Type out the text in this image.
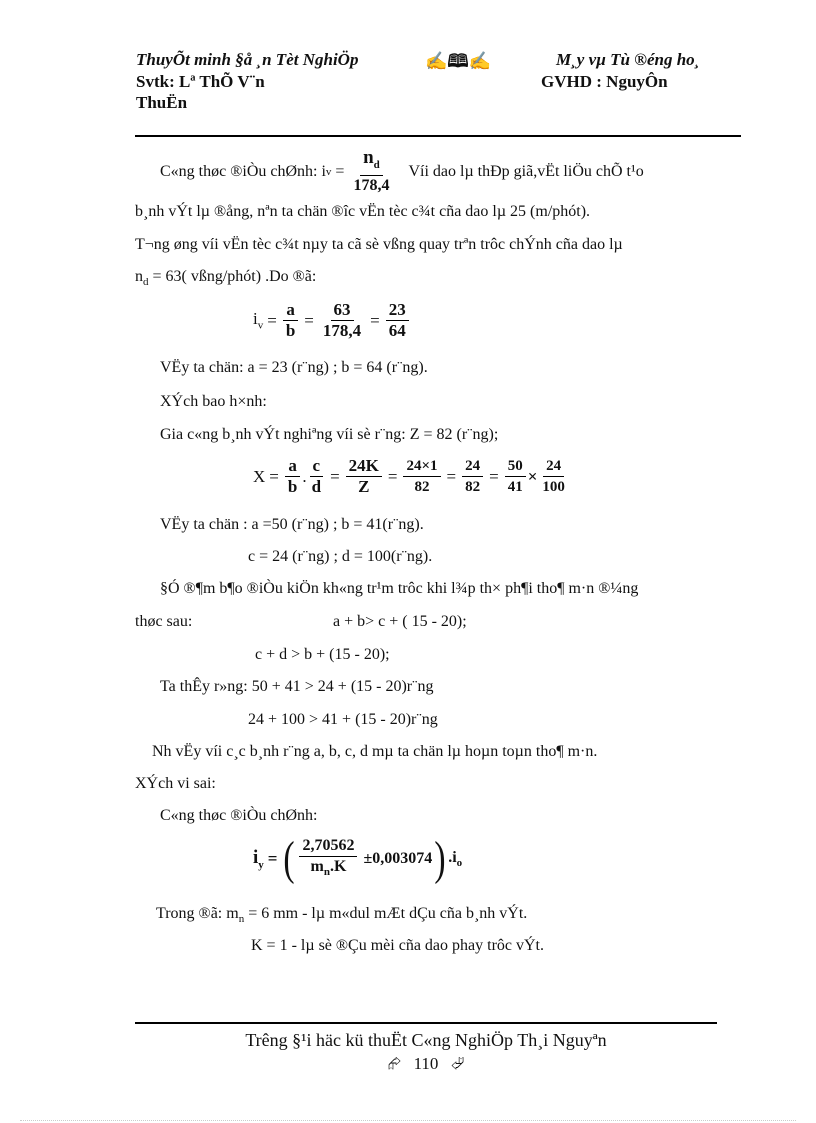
ThuyÕt minh §å ¸n Tèt NghiÖp	✍🕮✍	M¸y vµ Tù ®éng ho¸
Svtk: Lª ThÕ V¨n	GVHD : NguyÔn
ThuËn
C«ng thøc ®iÒu chØnh: i $v = \frac{n_d}{178,4}$ Víi dao lµ thÐp giã,vËt liÖu chÕ t¹o
b¸nh vÝt lµ ®ång, nªn ta chän ®îc vËn tèc c¾t cña dao lµ 25 (m/phót).
T¬ng øng víi vËn tèc c¾t nµy ta cã sè vßng quay trªn trôc chÝnh cña dao lµ
$n_d = 63$( vßng/phót) .Do ®ã:
$i_v = \frac{a}{b} = \frac{63}{178,4} = \frac{23}{64}$
VËy ta chän: a = 23 (r¨ng) ; b = 64 (r¨ng).
XÝch bao h×nh:
Gia c«ng b¸nh vÝt nghiªng víi sè r¨ng: Z = 82 (r¨ng);
$X = \frac{a}{b}$ . $\frac{c}{d} = \frac{24K}{Z} = \frac{24\times 1}{82} = \frac{24}{82} = \frac{50}{41} \times \frac{24}{100}$
VËy ta chän : a =50 (r¨ng) ; b = 41(r¨ng).
c = 24 (r¨ng) ; d = 100(r¨ng).
§Ó ®¶m b¶o ®iÒu kiÖn kh«ng tr¹m trôc khi l¾p th× ph¶i tho¶ m·n ®¼ng
thøc sau:	a + b> c + ( 15 - 20);
c + d > b + (15 - 20);
Ta thÊy r»ng: 50 + 41 > 24 + (15 - 20)r¨ng
24 + 100 > 41 + (15 - 20)r¨ng
Nh vËy víi c¸c b¸nh r¨ng a, b, c, d mµ ta chän lµ hoµn toµn tho¶ m·n.
XÝch vi sai:
C«ng thøc ®iÒu chØnh:
$i_y$ = ( $\frac{2,70562}{m_n.K} \pm 0,003074$ ) $.i_o$
Trong ®ã: $m_n = 6$ mm - lµ m«dul mÆt dÇu cña b¸nh vÝt.
K = 1 - lµ sè ®Çu mèi cña dao phay trôc vÝt.
Trêng §¹i häc kü thuËt C«ng NghiÖp Th¸i Nguyªn
⮳ 110 ⮰
